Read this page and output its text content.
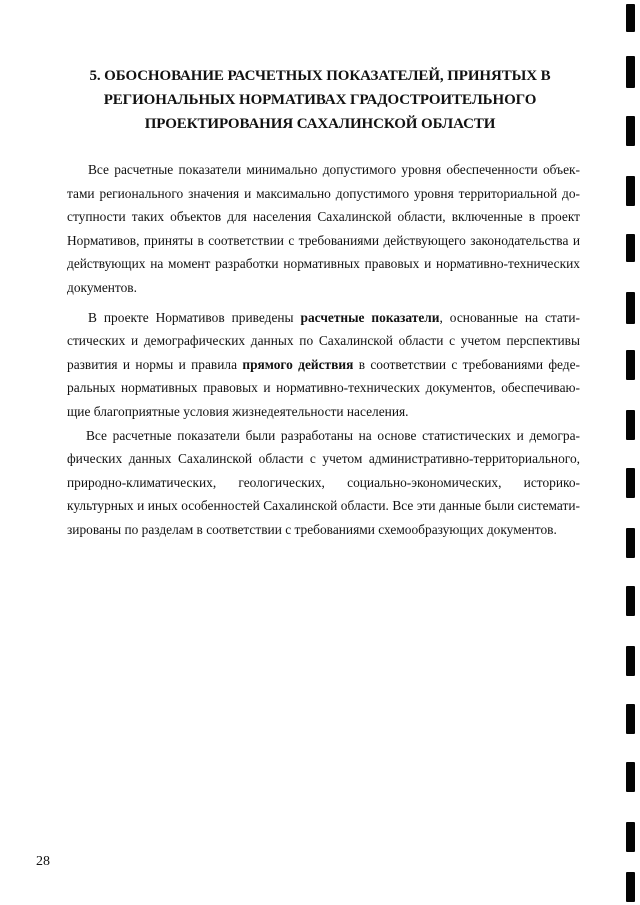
5. ОБОСНОВАНИЕ РАСЧЕТНЫХ ПОКАЗАТЕЛЕЙ, ПРИНЯТЫХ В
РЕГИОНАЛЬНЫХ НОРМАТИВАХ ГРАДОСТРОИТЕЛЬНОГО
ПРОЕКТИРОВАНИЯ САХАЛИНСКОЙ ОБЛАСТИ

Все расчетные показатели минимально допустимого уровня обеспеченности объек-
тами регионального значения и максимально допустимого уровня территориальной до-
ступности таких объектов для населения Сахалинской области, включенные в проект
Нормативов, приняты в соответствии с требованиями действующего законодательства и
действующих на момент разработки нормативных правовых и нормативно-технических
документов.

В проекте Нормативов приведены расчетные показатели, основанные на стати-
стических и демографических данных по Сахалинской области с учетом перспективы
развития и нормы и правила прямого действия в соответствии с требованиями феде-
ральных нормативных правовых и нормативно-технических документов, обеспечиваю-
щие благоприятные условия жизнедеятельности населения.

Все расчетные показатели были разработаны на основе статистических и демогра-
фических данных Сахалинской области с учетом административно-территориального,
природно-климатических, геологических, социально-экономических, историко-
культурных и иных особенностей Сахалинской области. Все эти данные были системати-
зированы по разделам в соответствии с требованиями схемообразующих документов.

28
